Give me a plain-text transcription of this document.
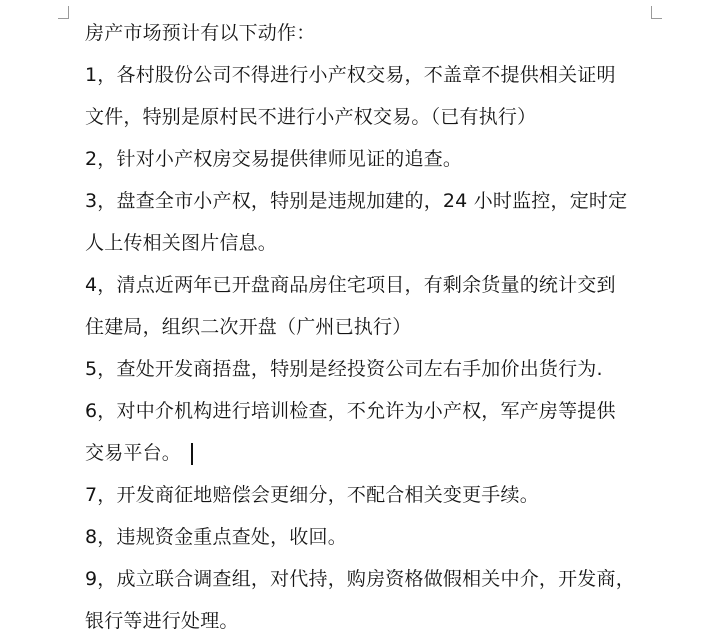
房产市场预计有以下动作：
1，各村股份公司不得进行小产权交易，不盖章不提供相关证明
文件，特别是原村民不进行小产权交易。（已有执行）
2，针对小产权房交易提供律师见证的追查。
3，盘查全市小产权，特别是违规加建的，24 小时监控，定时定
人上传相关图片信息。
4，清点近两年已开盘商品房住宅项目，有剩余货量的统计交到
住建局，组织二次开盘（广州已执行）
5，查处开发商捂盘，特别是经投资公司左右手加价出货行为.
6，对中介机构进行培训检查，不允许为小产权，军产房等提供
交易平台。
7，开发商征地赔偿会更细分，不配合相关变更手续。
8，违规资金重点查处，收回。
9，成立联合调查组，对代持，购房资格做假相关中介，开发商，
银行等进行处理。
